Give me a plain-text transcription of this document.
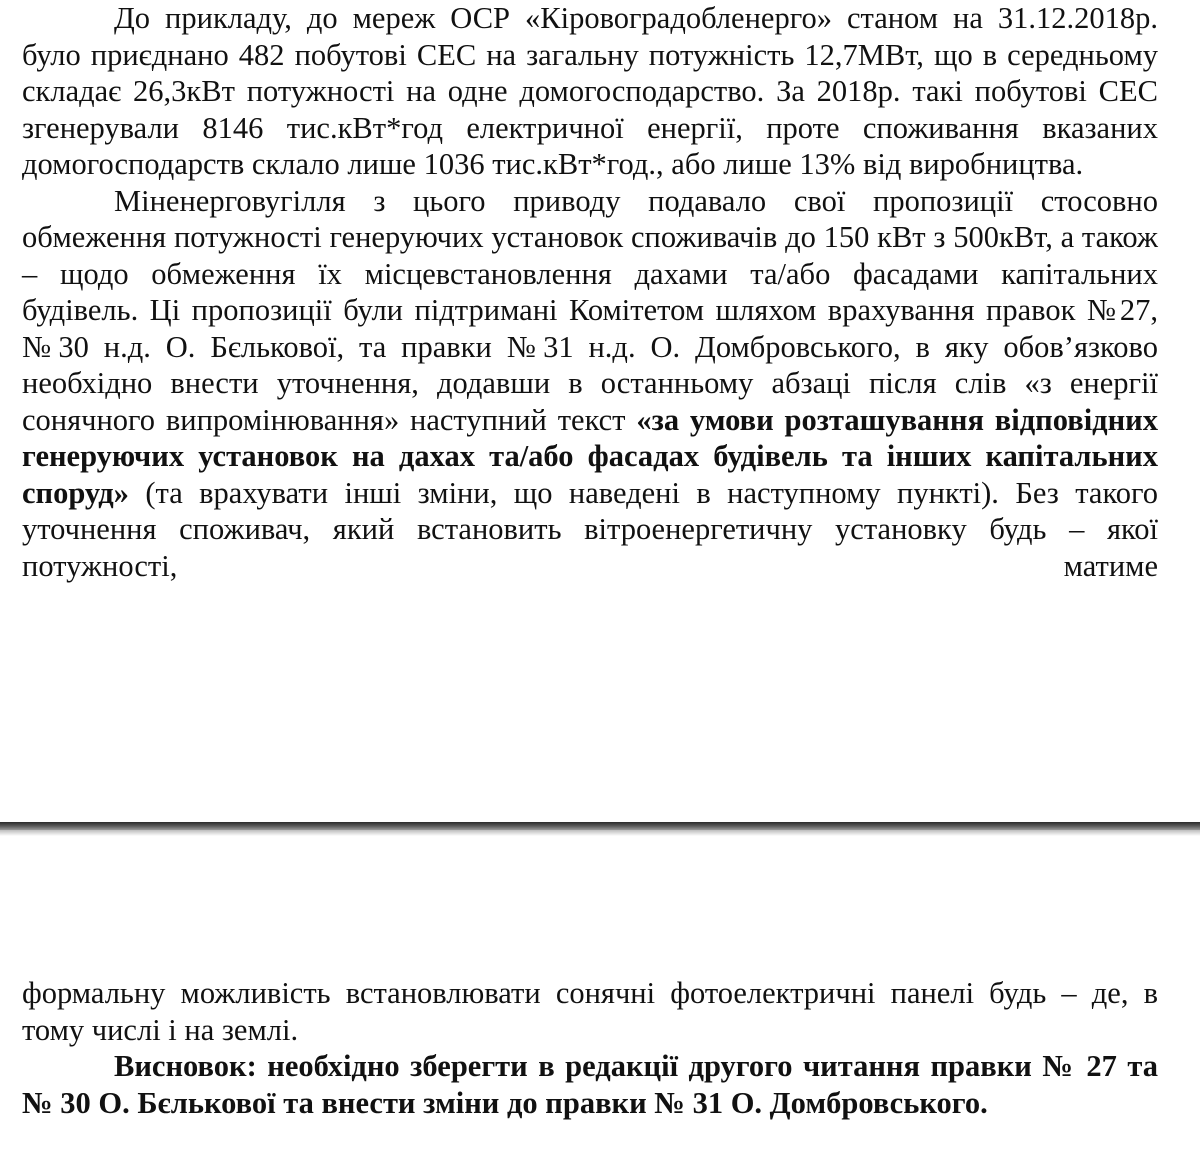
До прикладу, до мереж ОСР «Кіровоградобленерго» станом на 31.12.2018р. було приєднано 482 побутові СЕС на загальну потужність 12,7МВт, що в середньому складає 26,3кВт потужності на одне домогосподарство. За 2018р. такі побутові СЕС згенерували 8146 тис.кВт*год електричної енергії, проте споживання вказаних домогосподарств склало лише 1036 тис.кВт*год., або лише 13% від виробництва.

Міненерговугілля з цього приводу подавало свої пропозиції стосовно обмеження потужності генеруючих установок споживачів до 150 кВт з 500кВт, а також – щодо обмеження їх місцевстановлення дахами та/або фасадами капітальних будівель. Ці пропозиції були підтримані Комітетом шляхом врахування правок №27, №30 н.д. О. Бєлькової, та правки №31 н.д. О. Домбровського, в яку обов’язково необхідно внести уточнення, додавши в останньому абзаці після слів «з енергії сонячного випромінювання» наступний текст «за умови розташування відповідних генеруючих установок на дахах та/або фасадах будівель та інших капітальних споруд» (та врахувати інші зміни, що наведені в наступному пункті). Без такого уточнення споживач, який встановить вітроенергетичну установку будь – якої потужності, матиме

формальну можливість встановлювати сонячні фотоелектричні панелі будь – де, в тому числі і на землі.

Висновок: необхідно зберегти в редакції другого читання правки № 27 та № 30 О. Бєлькової та внести зміни до правки № 31 О. Домбровського.
